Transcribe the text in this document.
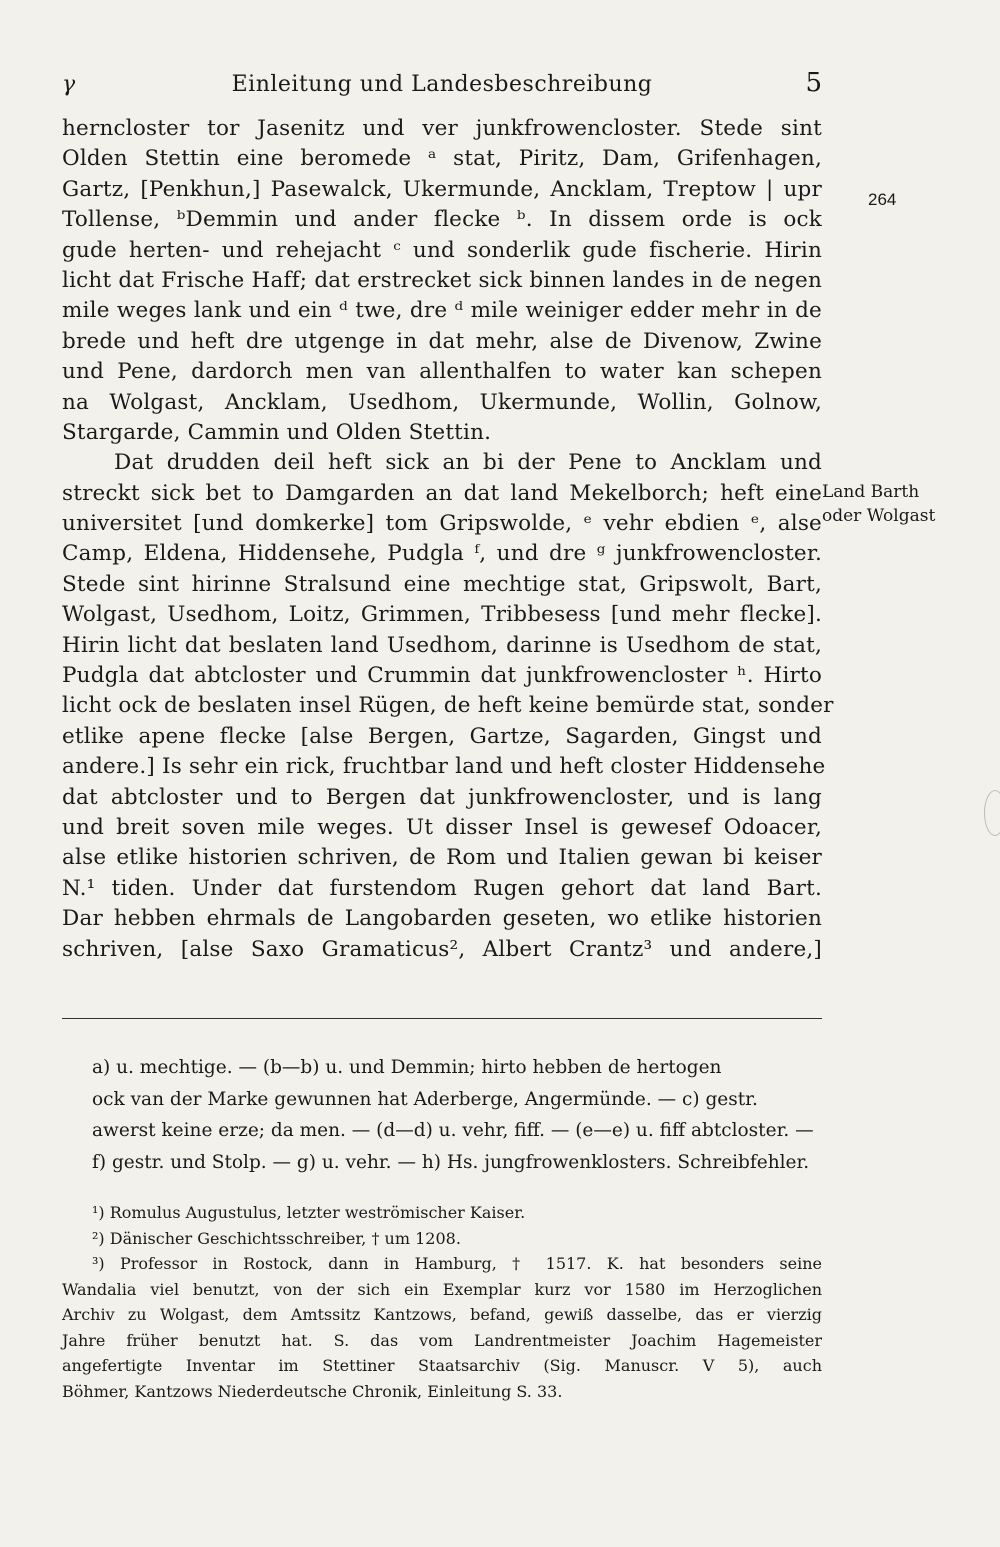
γ	Einleitung und Landesbeschreibung	5
herncloster tor Jasenitz und ver junkfrowencloster. Stede sint
Olden Stettin eine beromede ᵃ stat, Piritz, Dam, Grifenhagen,
Gartz, [Penkhun,] Pasewalck, Ukermunde, Ancklam, Treptow | upr
Tollense, ᵇDemmin und ander flecke ᵇ. In dissem orde is ock
gude herten- und rehejacht ᶜ und sonderlik gude fischerie. Hirin
licht dat Frische Haff; dat erstrecket sick binnen landes in de negen
mile weges lank und ein ᵈ twe, dre ᵈ mile weiniger edder mehr in de
brede und heft dre utgenge in dat mehr, alse de Divenow, Zwine
und Pene, dardorch men van allenthalfen to water kan schepen
na Wolgast, Ancklam, Usedhom, Ukermunde, Wollin, Golnow,
Stargarde, Cammin und Olden Stettin.
Dat drudden deil heft sick an bi der Pene to Ancklam und
streckt sick bet to Damgarden an dat land Mekelborch; heft eine
universitet [und domkerke] tom Gripswolde, ᵉ vehr ebdien ᵉ, alse
Camp, Eldena, Hiddensehe, Pudgla ᶠ, und dre ᵍ junkfrowencloster.
Stede sint hirinne Stralsund eine mechtige stat, Gripswolt, Bart,
Wolgast, Usedhom, Loitz, Grimmen, Tribbesess [und mehr flecke].
Hirin licht dat beslaten land Usedhom, darinne is Usedhom de stat,
Pudgla dat abtcloster und Crummin dat junkfrowencloster ʰ. Hirto
licht ock de beslaten insel Rügen, de heft keine bemürde stat, sonder
etlike apene flecke [alse Bergen, Gartze, Sagarden, Gingst und
andere.] Is sehr ein rick, fruchtbar land und heft closter Hiddensehe
dat abtcloster und to Bergen dat junkfrowencloster, und is lang
und breit soven mile weges. Ut disser Insel is gewesef Odoacer,
alse etlike historien schriven, de Rom und Italien gewan bi keiser
N.¹ tiden. Under dat furstendom Rugen gehort dat land Bart.
Dar hebben ehrmals de Langobarden geseten, wo etlike historien
schriven, [alse Saxo Gramaticus², Albert Crantz³ und andere,]
264
Land Barth
oder Wolgast
a) u. mechtige. — (b—b) u. und Demmin; hirto hebben de hertogen
ock van der Marke gewunnen hat Aderberge, Angermünde. — c) gestr.
awerst keine erze; da men. — (d—d) u. vehr, fiff. — (e—e) u. fiff abtcloster. —
f) gestr. und Stolp. — g) u. vehr. — h) Hs. jungfrowenklosters. Schreibfehler.
¹) Romulus Augustulus, letzter weströmischer Kaiser.
²) Dänischer Geschichtsschreiber, † um 1208.
³) Professor in Rostock, dann in Hamburg, † 1517. K. hat besonders seine
Wandalia viel benutzt, von der sich ein Exemplar kurz vor 1580 im Herzoglichen
Archiv zu Wolgast, dem Amtssitz Kantzows, befand, gewiß dasselbe, das er vierzig
Jahre früher benutzt hat. S. das vom Landrentmeister Joachim Hagemeister
angefertigte Inventar im Stettiner Staatsarchiv (Sig. Manuscr. V 5), auch
Böhmer, Kantzows Niederdeutsche Chronik, Einleitung S. 33.
